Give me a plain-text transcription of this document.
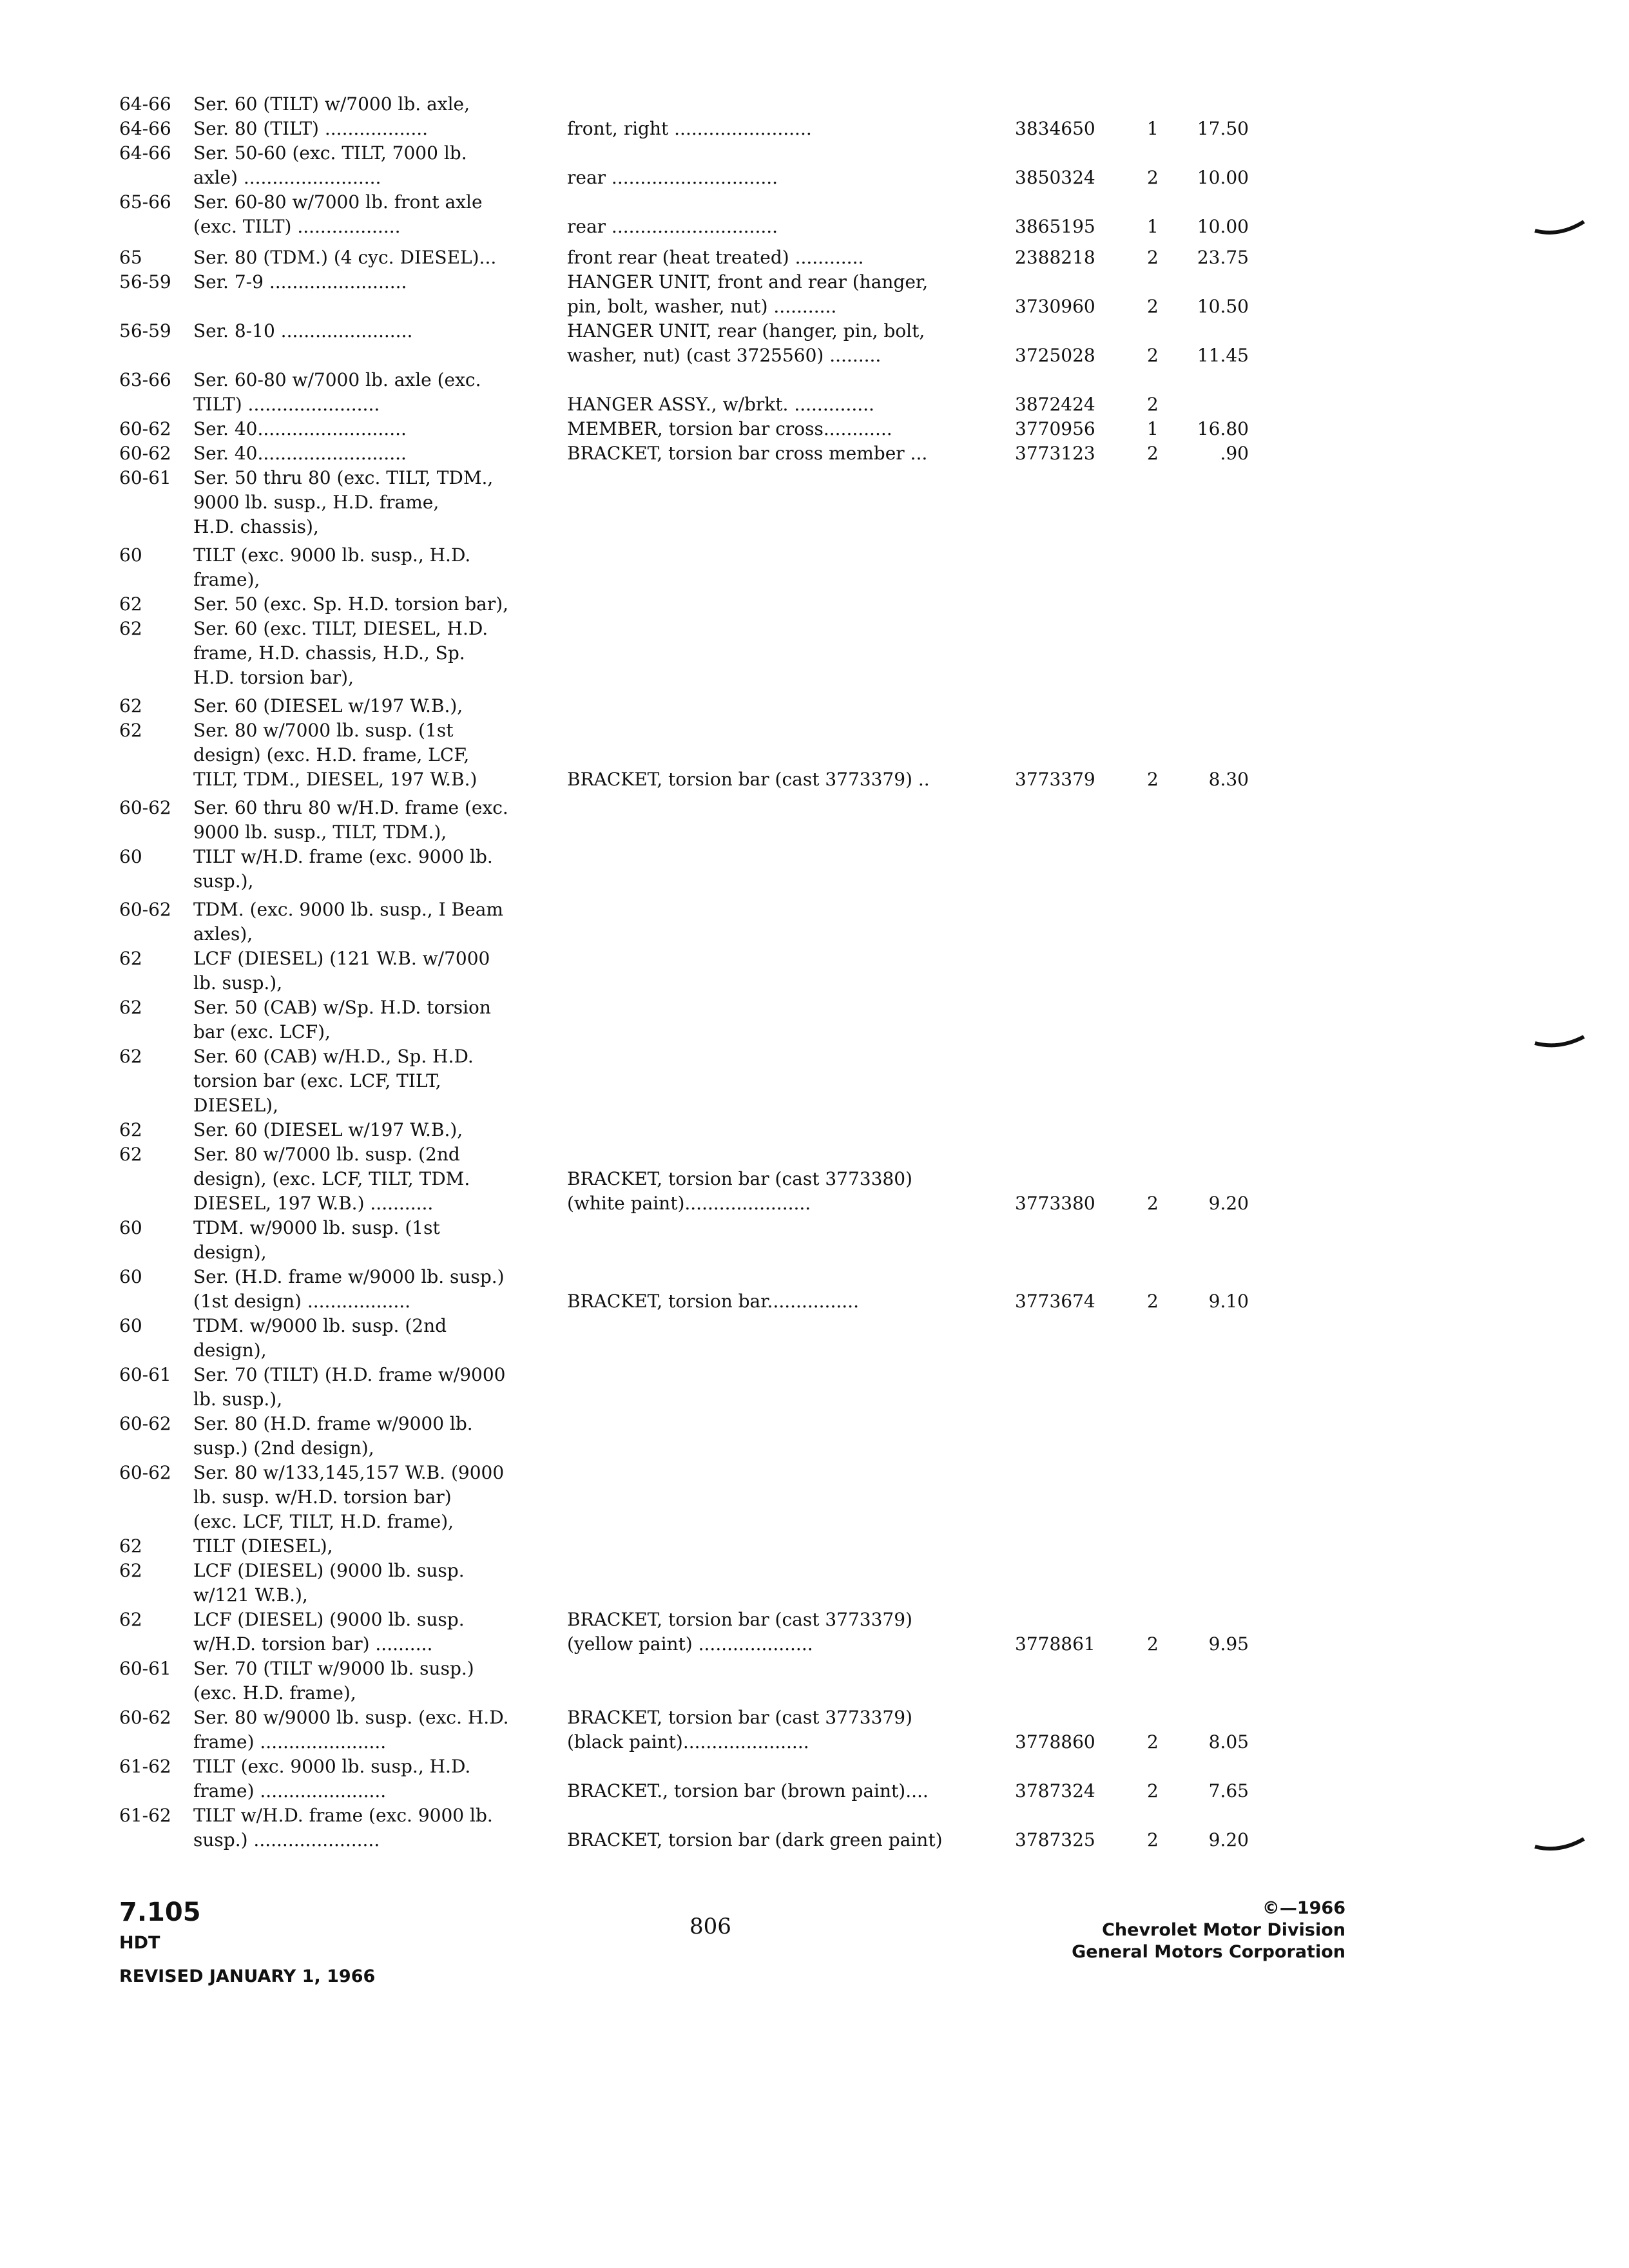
64-66 Ser. 60 (TILT) w/7000 lb. axle,
64-66 Ser. 80 (TILT) ..................	front, right ........................	3834650	1 17.50
64-66 Ser. 50-60 (exc. TILT, 7000 lb.
axle) ........................	rear .............................	3850324	2 10.00
65-66 Ser. 60-80 w/7000 lb. front axle
(exc. TILT) ..................	rear .............................	3865195	1 10.00
65	Ser. 80 (TDM.) (4 cyc. DIESEL)...	front rear (heat treated) ............	2388218	2 23.75
56-59 Ser. 7-9 ........................	HANGER UNIT, front and rear (hanger,
pin, bolt, washer, nut) ...........	3730960	2 10.50
56-59 Ser. 8-10 .......................	HANGER UNIT, rear (hanger, pin, bolt,
washer, nut) (cast 3725560) .........	3725028	2 11.45
63-66 Ser. 60-80 w/7000 lb. axle (exc.
TILT) .......................	HANGER ASSY., w/brkt. ..............	3872424	2
60-62 Ser. 40..........................	MEMBER, torsion bar cross............	3770956	1 16.80
60-62 Ser. 40..........................	BRACKET, torsion bar cross member ...	3773123	2	.90
60-61 Ser. 50 thru 80 (exc. TILT, TDM.,
9000 lb. susp., H.D. frame,
H.D. chassis),
60	TILT (exc. 9000 lb. susp., H.D.
frame),
62	Ser. 50 (exc. Sp. H.D. torsion bar),
62	Ser. 60 (exc. TILT, DIESEL, H.D.
frame, H.D. chassis, H.D., Sp.
H.D. torsion bar),
62	Ser. 60 (DIESEL w/197 W.B.),
62	Ser. 80 w/7000 lb. susp. (1st
design) (exc. H.D. frame, LCF,
TILT, TDM., DIESEL, 197 W.B.)	BRACKET, torsion bar (cast 3773379) ..	3773379	2	8.30
60-62 Ser. 60 thru 80 w/H.D. frame (exc.
9000 lb. susp., TILT, TDM.),
60	TILT w/H.D. frame (exc. 9000 lb.
susp.),
60-62 TDM. (exc. 9000 lb. susp., I Beam
axles),
62	LCF (DIESEL) (121 W.B. w/7000
lb. susp.),
62	Ser. 50 (CAB) w/Sp. H.D. torsion
bar (exc. LCF),
62	Ser. 60 (CAB) w/H.D., Sp. H.D.
torsion bar (exc. LCF, TILT,
DIESEL),
62	Ser. 60 (DIESEL w/197 W.B.),
62	Ser. 80 w/7000 lb. susp. (2nd
design), (exc. LCF, TILT, TDM.	BRACKET, torsion bar (cast 3773380)
DIESEL, 197 W.B.) ...........	(white paint)......................	3773380	2	9.20
60	TDM. w/9000 lb. susp. (1st
design),
60	Ser. (H.D. frame w/9000 lb. susp.)
(1st design) ..................	BRACKET, torsion bar................	3773674	2	9.10
60	TDM. w/9000 lb. susp. (2nd
design),
60-61 Ser. 70 (TILT) (H.D. frame w/9000
lb. susp.),
60-62 Ser. 80 (H.D. frame w/9000 lb.
susp.) (2nd design),
60-62 Ser. 80 w/133,145,157 W.B. (9000
lb. susp. w/H.D. torsion bar)
(exc. LCF, TILT, H.D. frame),
62	TILT (DIESEL),
62	LCF (DIESEL) (9000 lb. susp.
w/121 W.B.),
62	LCF (DIESEL) (9000 lb. susp.	BRACKET, torsion bar (cast 3773379)
w/H.D. torsion bar) ..........	(yellow paint) ....................	3778861	2	9.95
60-61 Ser. 70 (TILT w/9000 lb. susp.)
(exc. H.D. frame),
60-62 Ser. 80 w/9000 lb. susp. (exc. H.D.	BRACKET, torsion bar (cast 3773379)
frame) ......................	(black paint)......................	3778860	2	8.05
61-62 TILT (exc. 9000 lb. susp., H.D.
frame) ......................	BRACKET., torsion bar (brown paint)....	3787324	2	7.65
61-62 TILT w/H.D. frame (exc. 9000 lb.
susp.) ......................	BRACKET, torsion bar (dark green paint)	3787325	2	9.20
7.105
HDT
REVISED JANUARY 1, 1966
806
©—1966
Chevrolet Motor Division
General Motors Corporation
